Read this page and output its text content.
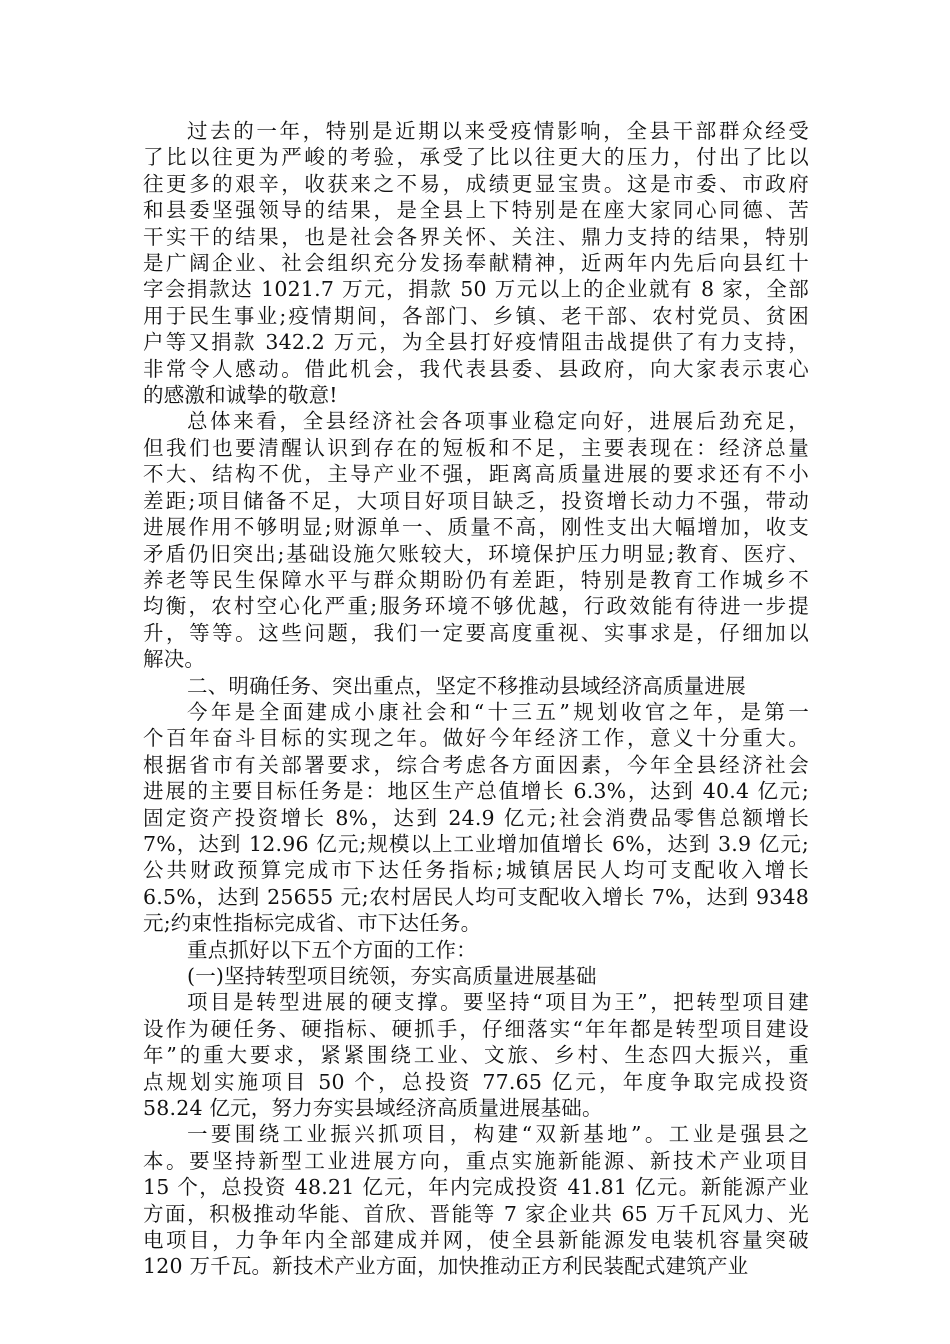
过去的一年，特别是近期以来受疫情影响，全县干部群众经受
了比以往更为严峻的考验，承受了比以往更大的压力，付出了比以
往更多的艰辛，收获来之不易，成绩更显宝贵。这是市委、市政府
和县委坚强领导的结果，是全县上下特别是在座大家同心同德、苦
干实干的结果，也是社会各界关怀、关注、鼎力支持的结果，特别
是广阔企业、社会组织充分发扬奉献精神，近两年内先后向县红十
字会捐款达 1021.7 万元，捐款 50 万元以上的企业就有 8 家，全部
用于民生事业;疫情期间，各部门、乡镇、老干部、农村党员、贫困
户等又捐款 342.2 万元，为全县打好疫情阻击战提供了有力支持，
非常令人感动。借此机会，我代表县委、县政府，向大家表示衷心
的感激和诚挚的敬意!
总体来看，全县经济社会各项事业稳定向好，进展后劲充足，
但我们也要清醒认识到存在的短板和不足，主要表现在：经济总量
不大、结构不优，主导产业不强，距离高质量进展的要求还有不小
差距;项目储备不足，大项目好项目缺乏，投资增长动力不强，带动
进展作用不够明显;财源单一、质量不高，刚性支出大幅增加，收支
矛盾仍旧突出;基础设施欠账较大，环境保护压力明显;教育、医疗、
养老等民生保障水平与群众期盼仍有差距，特别是教育工作城乡不
均衡，农村空心化严重;服务环境不够优越，行政效能有待进一步提
升，等等。这些问题，我们一定要高度重视、实事求是，仔细加以
解决。
二、明确任务、突出重点，坚定不移推动县域经济高质量进展
今年是全面建成小康社会和“十三五”规划收官之年，是第一
个百年奋斗目标的实现之年。做好今年经济工作，意义十分重大。
根据省市有关部署要求，综合考虑各方面因素，今年全县经济社会
进展的主要目标任务是：地区生产总值增长 6.3%，达到 40.4 亿元;
固定资产投资增长 8%，达到 24.9 亿元;社会消费品零售总额增长
7%，达到 12.96 亿元;规模以上工业增加值增长 6%，达到 3.9 亿元;
公共财政预算完成市下达任务指标;城镇居民人均可支配收入增长
6.5%，达到 25655 元;农村居民人均可支配收入增长 7%，达到 9348
元;约束性指标完成省、市下达任务。
重点抓好以下五个方面的工作：
(一)坚持转型项目统领，夯实高质量进展基础
项目是转型进展的硬支撑。要坚持“项目为王”，把转型项目建
设作为硬任务、硬指标、硬抓手，仔细落实“年年都是转型项目建设
年”的重大要求，紧紧围绕工业、文旅、乡村、生态四大振兴，重
点规划实施项目 50 个，总投资 77.65 亿元，年度争取完成投资
58.24 亿元，努力夯实县域经济高质量进展基础。
一要围绕工业振兴抓项目，构建“双新基地”。工业是强县之
本。要坚持新型工业进展方向，重点实施新能源、新技术产业项目
15 个，总投资 48.21 亿元，年内完成投资 41.81 亿元。新能源产业
方面，积极推动华能、首欣、晋能等 7 家企业共 65 万千瓦风力、光
电项目，力争年内全部建成并网，使全县新能源发电装机容量突破
120 万千瓦。新技术产业方面，加快推动正方利民装配式建筑产业
